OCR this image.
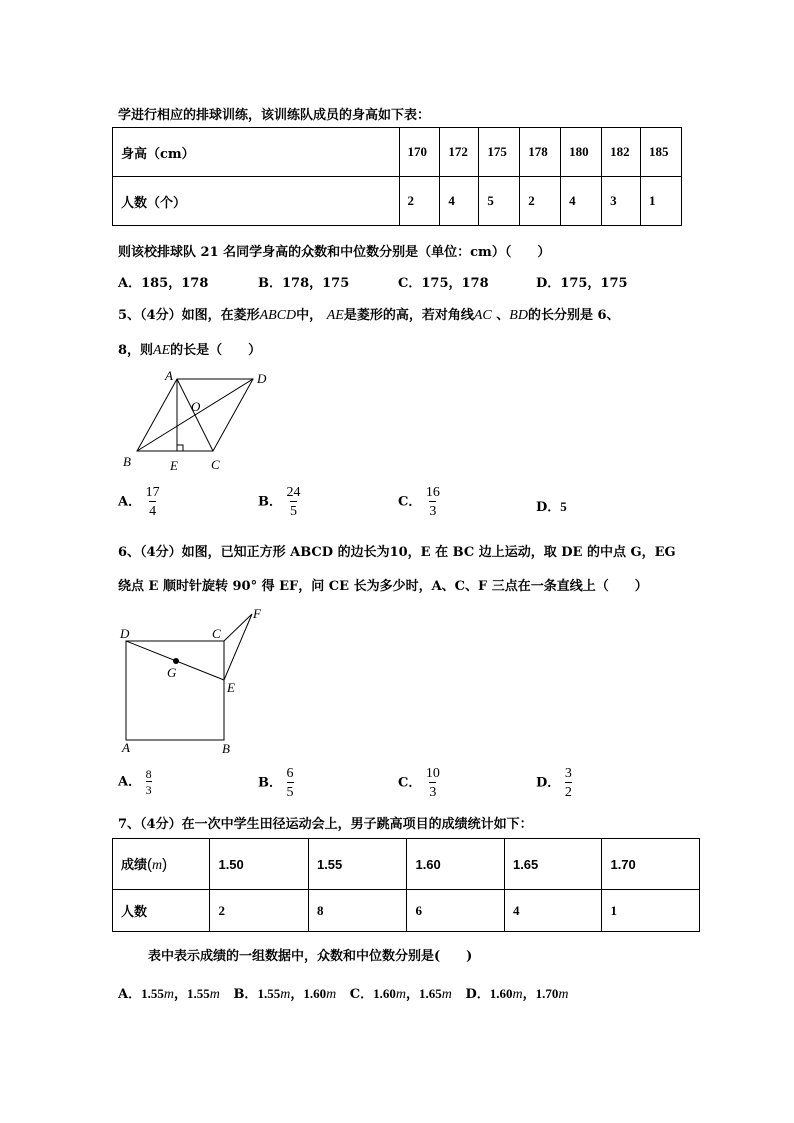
学进行相应的排球训练，该训练队成员的身高如下表：
身高（cm）	170	172	175	178	180	182	185
人数（个）	2	4	5	2	4	3	1
则该校排球队 21 名同学身高的众数和中位数分别是（单位：cm）（　　）
A．185，178	B．178，175	C．175，178	D．175，175
5、（4分）如图，在菱形ABCD中， AE是菱形的高，若对角线AC 、BD的长分别是 6、
8，则AE的长是（　　）
A	D
O
B	E	C
A． $\frac{17}{4}$	B． $\frac{24}{5}$	C． $\frac{16}{3}$	D．5
6、（4分）如图，已知正方形 ABCD 的边长为10，E 在 BC 边上运动，取 DE 的中点 G，EG
绕点 E 顺时针旋转 90° 得 EF，问 CE 长为多少时，A、C、F 三点在一条直线上（　　）
D	C
F
G
E
A	B
A． $\frac{8}{3}$	B． $\frac{6}{5}$	C． $\frac{10}{3}$	D． $\frac{3}{2}$
7、（4分）在一次中学生田径运动会上，男子跳高项目的成绩统计如下：
成绩(m)	1.50	1.55	1.60	1.65	1.70
人数	2	8	6	4	1
表中表示成绩的一组数据中，众数和中位数分别是(　　)
A．1.55m，1.55m B．1.55m，1.60m C．1.60m，1.65m D．1.60m，1.70m
